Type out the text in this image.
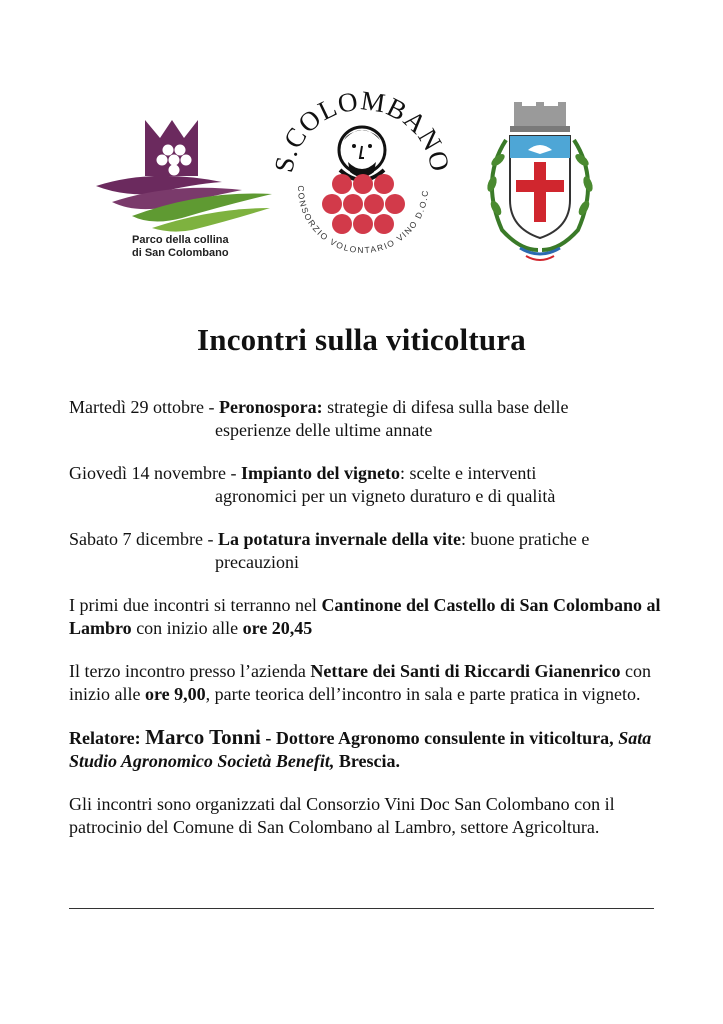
Parco della collina
di San Colombano
S.COLOMBANO
CONSORZIO VOLONTARIO VINO D.O.C
Incontri sulla viticoltura
Martedì 29 ottobre - Peronospora: strategie di difesa sulla base delle
esperienze delle ultime annate
Giovedì 14 novembre - Impianto del vigneto: scelte e interventi
agronomici per un vigneto duraturo e di qualità
Sabato 7 dicembre - La potatura invernale della vite: buone pratiche e
precauzioni

I primi due incontri si terranno nel Cantinone del Castello di San Colombano al Lambro con inizio alle ore 20,45

Il terzo incontro presso l’azienda Nettare dei Santi di Riccardi Gianenrico con inizio alle ore 9,00, parte teorica dell’incontro in sala e parte pratica in vigneto.

Relatore: Marco Tonni - Dottore Agronomo consulente in viticoltura, Sata Studio Agronomico Società Benefit, Brescia.

Gli incontri sono organizzati dal Consorzio Vini Doc San Colombano con il patrocinio del Comune di San Colombano al Lambro, settore Agricoltura.
